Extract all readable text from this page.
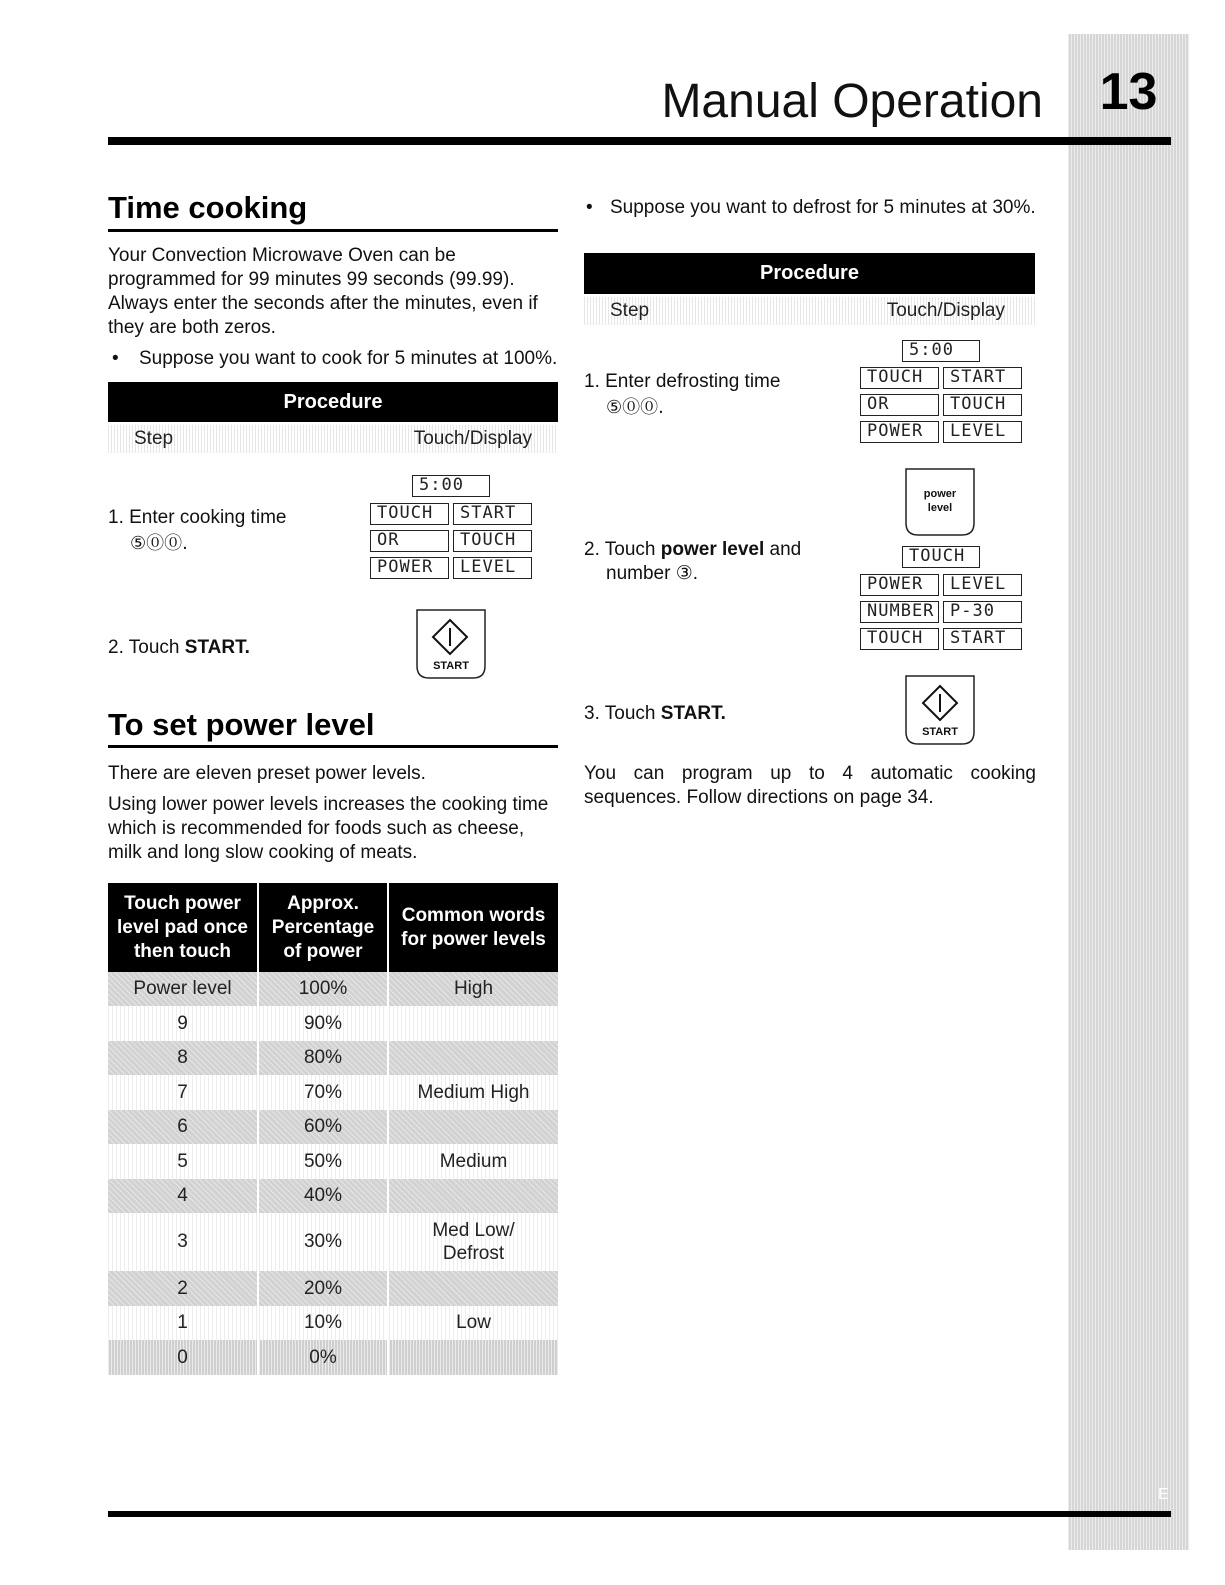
13
E
Manual Operation
Time cooking

Your Convection Microwave Oven can be programmed for 99 minutes 99 seconds (99.99). Always enter the seconds after the minutes, even if they are both zeros.

• Suppose you want to cook for 5 minutes at 100%.
Procedure
Step	Touch/Display
1. Enter cooking time
⑤⓪⓪.
5:00
TOUCH	START
OR	TOUCH
POWER	LEVEL
2. Touch START.
START
To set power level

There are eleven preset power levels.

Using lower power levels increases the cooking time which is recommended for foods such as cheese, milk and long slow cooking of meats.

Touch power level pad once then touch	Approx. Percentage of power	Common words for power levels
Power level	100%	High
9	90%	
8	80%	
7	70%	Medium High
6	60%	
5	50%	Medium
4	40%	
3	30%	Med Low/ Defrost
2	20%	
1	10%	Low
0	0%	
• Suppose you want to defrost for 5 minutes at 30%.
Procedure
Step	Touch/Display
1. Enter defrosting time
⑤⓪⓪.
5:00
TOUCH	START
OR	TOUCH
POWER	LEVEL
power
level
2. Touch power level and
number ③.
TOUCH
POWER	LEVEL
NUMBER P-30
TOUCH	START
3. Touch START.
START

You can program up to 4 automatic cooking sequences. Follow directions on page 34.
